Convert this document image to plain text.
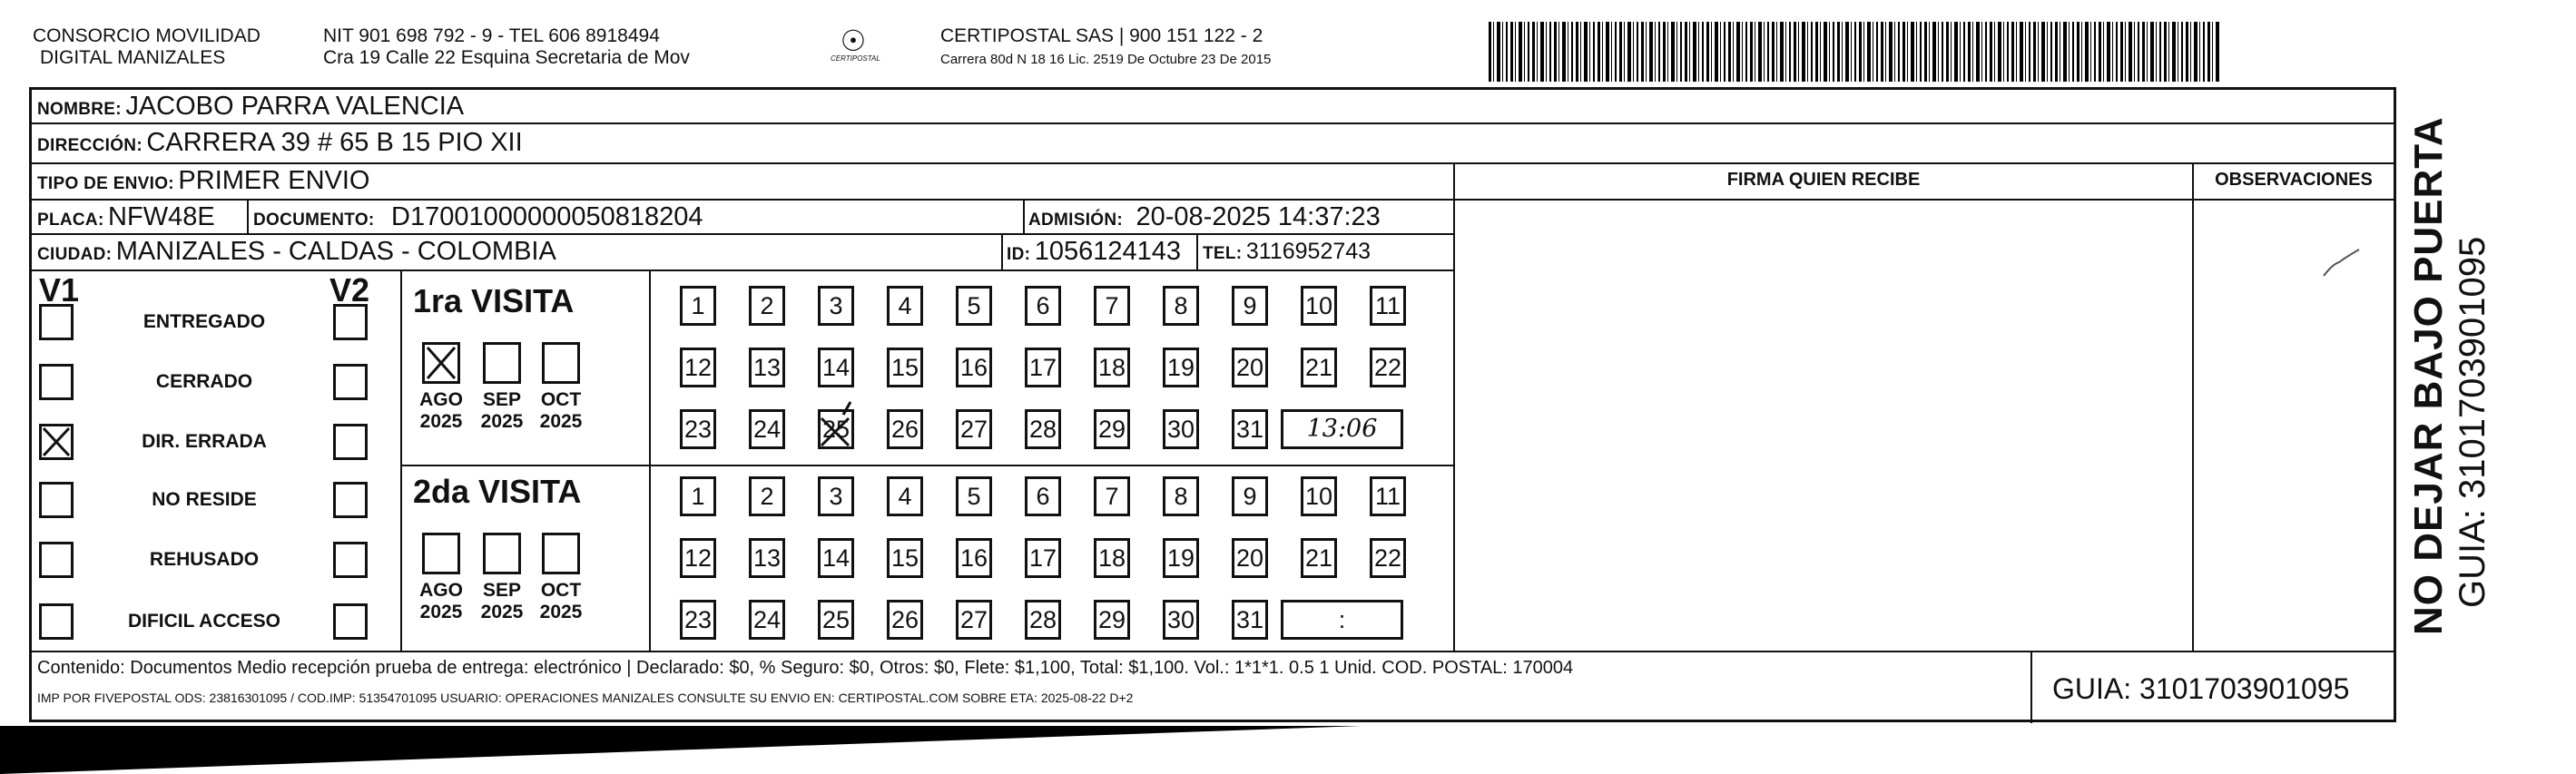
CONSORCIO MOVILIDAD
DIGITAL MANIZALES
NIT 901 698 792 - 9 - TEL 606 8918494
Cra 19 Calle 22 Esquina Secretaria de Mov	☉
CERTIPOSTAL
CERTIPOSTAL SAS | 900 151 122 - 2
Carrera 80d N 18 16 Lic. 2519 De Octubre 23 De 2015
NOMBRE: JACOBO PARRA VALENCIA
DIRECCIÓN: CARRERA 39 # 65 B 15 PIO XII
TIPO DE ENVIO: PRIMER ENVIO	FIRMA QUIEN RECIBE	OBSERVACIONES
PLACA: NFW48E DOCUMENTO: D17001000000050818204	ADMISIÓN: 20-08-2025 14:37:23
CIUDAD: MANIZALES - CALDAS - COLOMBIA	ID: 1056124143 TEL: 3116952743
V1	V2
ENTREGADO
CERRADO
DIR. ERRADA
NO RESIDE
REHUSADO
DIFICIL ACCESO
1ra VISITA
AGO
2025
SEP
2025
OCT
2025
1	2	3	4	5	6	7	8	9	10 11
12 13 14 15 16 17 18 19 20 21 22
23 24 25 26 27 28 29 30 31	13:06
2da VISITA
AGO
2025
SEP
2025
OCT
2025
1	2	3	4	5	6	7	8	9	10 11
12 13 14 15 16 17 18 19 20 21 22
23 24 25 26 27 28 29 30 31	:
Contenido: Documentos Medio recepción prueba de entrega: electrónico | Declarado: $0, % Seguro: $0, Otros: $0, Flete: $1,100, Total: $1,100. Vol.: 1*1*1. 0.5 1 Unid. COD. POSTAL: 170004
IMP POR FIVEPOSTAL ODS: 23816301095 / COD.IMP: 51354701095 USUARIO: OPERACIONES MANIZALES CONSULTE SU ENVIO EN: CERTIPOSTAL.COM SOBRE ETA: 2025-08-22 D+2	GUIA: 3101703901095
NO DEJAR BAJO PUERTA GUIA: 3101703901095
